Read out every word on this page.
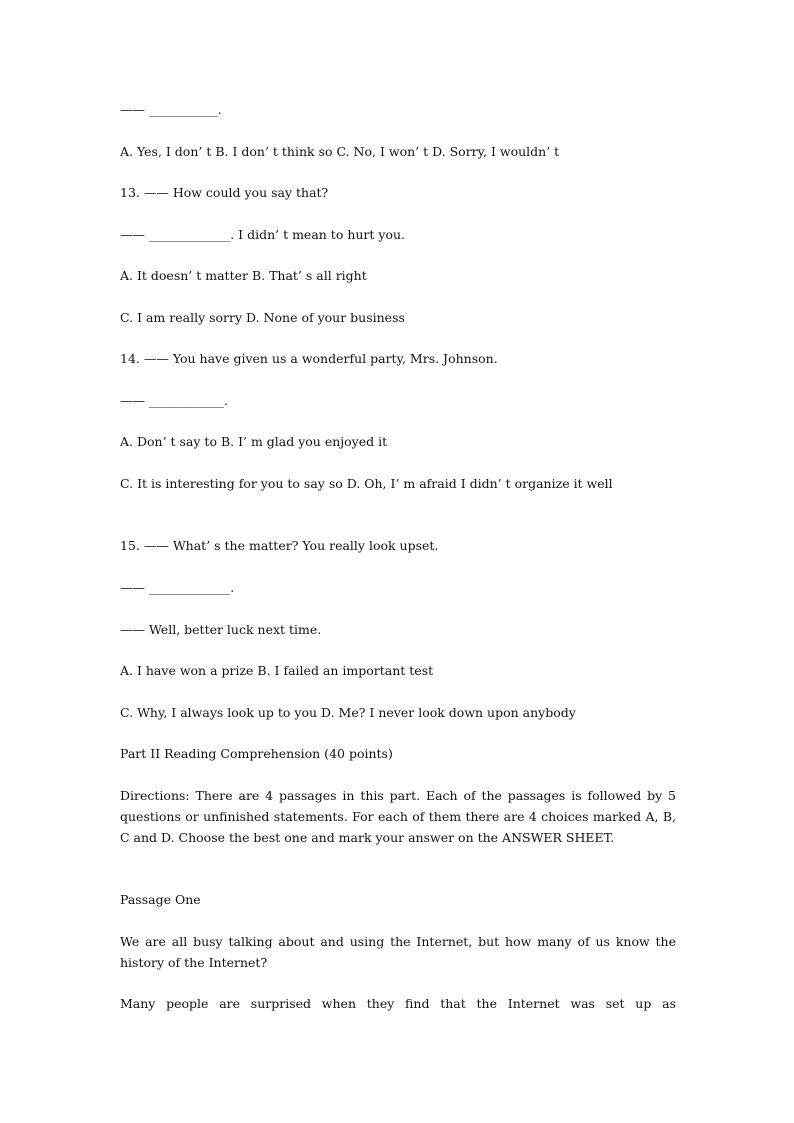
—— ___________.
A. Yes, I don’ t B. I don’ t think so C. No, I won’ t D. Sorry, I wouldn’ t
13. —— How could you say that?
—— _____________. I didn’ t mean to hurt you.
A. It doesn’ t matter B. That’ s all right
C. I am really sorry D. None of your business
14. —— You have given us a wonderful party, Mrs. Johnson.
—— ____________.
A. Don’ t say to B. I’ m glad you enjoyed it
C. It is interesting for you to say so D. Oh, I’ m afraid I didn’ t organize it well
15. —— What’ s the matter? You really look upset.
—— _____________.
—— Well, better luck next time.
A. I have won a prize B. I failed an important test
C. Why, I always look up to you D. Me? I never look down upon anybody
Part II Reading Comprehension (40 points)
Directions: There are 4 passages in this part. Each of the passages is followed by 5 questions or unfinished statements. For each of them there are 4 choices marked A, B, C and D. Choose the best one and mark your answer on the ANSWER SHEET.
Passage One
We are all busy talking about and using the Internet, but how many of us know the history of the Internet?
Many people are surprised when they find that the Internet was set up as
